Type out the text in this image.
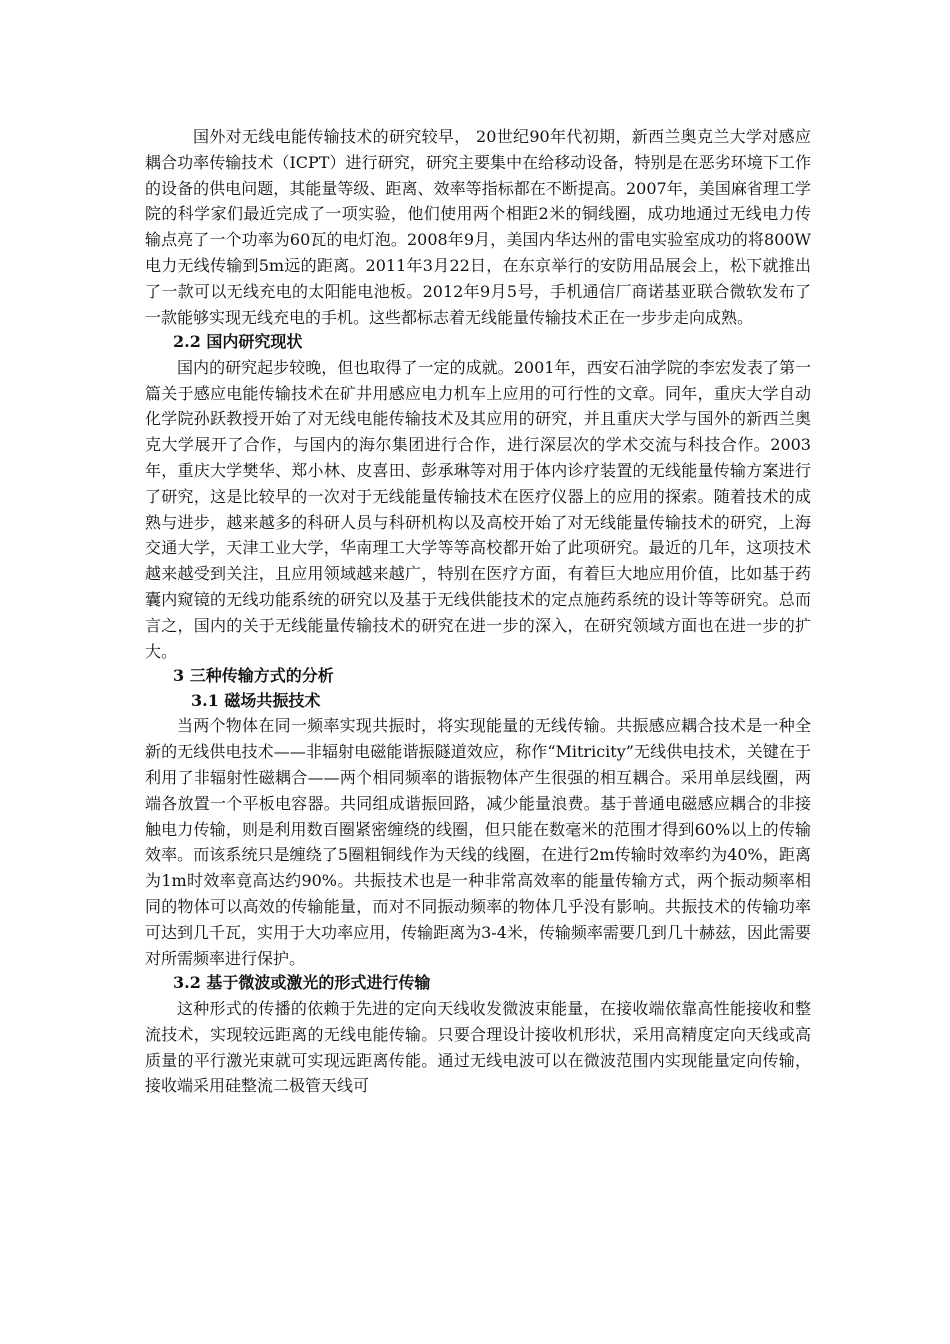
国外对无线电能传输技术的研究较早， 20世纪90年代初期，新西兰奥克兰大学对感应耦合功率传输技术（ICPT）进行研究，研究主要集中在给移动设备，特别是在恶劣环境下工作的设备的供电问题，其能量等级、距离、效率等指标都在不断提高。2007年，美国麻省理工学院的科学家们最近完成了一项实验，他们使用两个相距2米的铜线圈，成功地通过无线电力传输点亮了一个功率为60瓦的电灯泡。2008年9月，美国内华达州的雷电实验室成功的将800W电力无线传输到5m远的距离。2011年3月22日，在东京举行的安防用品展会上，松下就推出了一款可以无线充电的太阳能电池板。2012年9月5号，手机通信厂商诺基亚联合微软发布了一款能够实现无线充电的手机。这些都标志着无线能量传输技术正在一步步走向成熟。

2.2 国内研究现状

国内的研究起步较晚，但也取得了一定的成就。2001年，西安石油学院的李宏发表了第一篇关于感应电能传输技术在矿井用感应电力机车上应用的可行性的文章。同年，重庆大学自动化学院孙跃教授开始了对无线电能传输技术及其应用的研究，并且重庆大学与国外的新西兰奥克大学展开了合作，与国内的海尔集团进行合作，进行深层次的学术交流与科技合作。2003年，重庆大学樊华、郑小林、皮喜田、彭承琳等对用于体内诊疗装置的无线能量传输方案进行了研究，这是比较早的一次对于无线能量传输技术在医疗仪器上的应用的探索。随着技术的成熟与进步，越来越多的科研人员与科研机构以及高校开始了对无线能量传输技术的研究，上海交通大学，天津工业大学，华南理工大学等等高校都开始了此项研究。最近的几年，这项技术越来越受到关注，且应用领域越来越广，特别在医疗方面，有着巨大地应用价值，比如基于药囊内窥镜的无线功能系统的研究以及基于无线供能技术的定点施药系统的设计等等研究。总而言之，国内的关于无线能量传输技术的研究在进一步的深入，在研究领域方面也在进一步的扩大。

3 三种传输方式的分析

3.1 磁场共振技术

当两个物体在同一频率实现共振时，将实现能量的无线传输。共振感应耦合技术是一种全新的无线供电技术——非辐射电磁能谐振隧道效应，称作“Mitricity”无线供电技术，关键在于利用了非辐射性磁耦合——两个相同频率的谐振物体产生很强的相互耦合。采用单层线圈，两端各放置一个平板电容器。共同组成谐振回路，减少能量浪费。基于普通电磁感应耦合的非接触电力传输，则是利用数百圈紧密缠绕的线圈，但只能在数毫米的范围才得到60%以上的传输效率。而该系统只是缠绕了5圈粗铜线作为天线的线圈，在进行2m传输时效率约为40%，距离为1m时效率竟高达约90%。共振技术也是一种非常高效率的能量传输方式，两个振动频率相同的物体可以高效的传输能量，而对不同振动频率的物体几乎没有影响。共振技术的传输功率可达到几千瓦，实用于大功率应用，传输距离为3-4米，传输频率需要几到几十赫兹，因此需要对所需频率进行保护。

3.2 基于微波或激光的形式进行传输

这种形式的传播的依赖于先进的定向天线收发微波束能量，在接收端依靠高性能接收和整流技术，实现较远距离的无线电能传输。只要合理设计接收机形状，采用高精度定向天线或高质量的平行激光束就可实现远距离传能。通过无线电波可以在微波范围内实现能量定向传输，接收端采用硅整流二极管天线可
